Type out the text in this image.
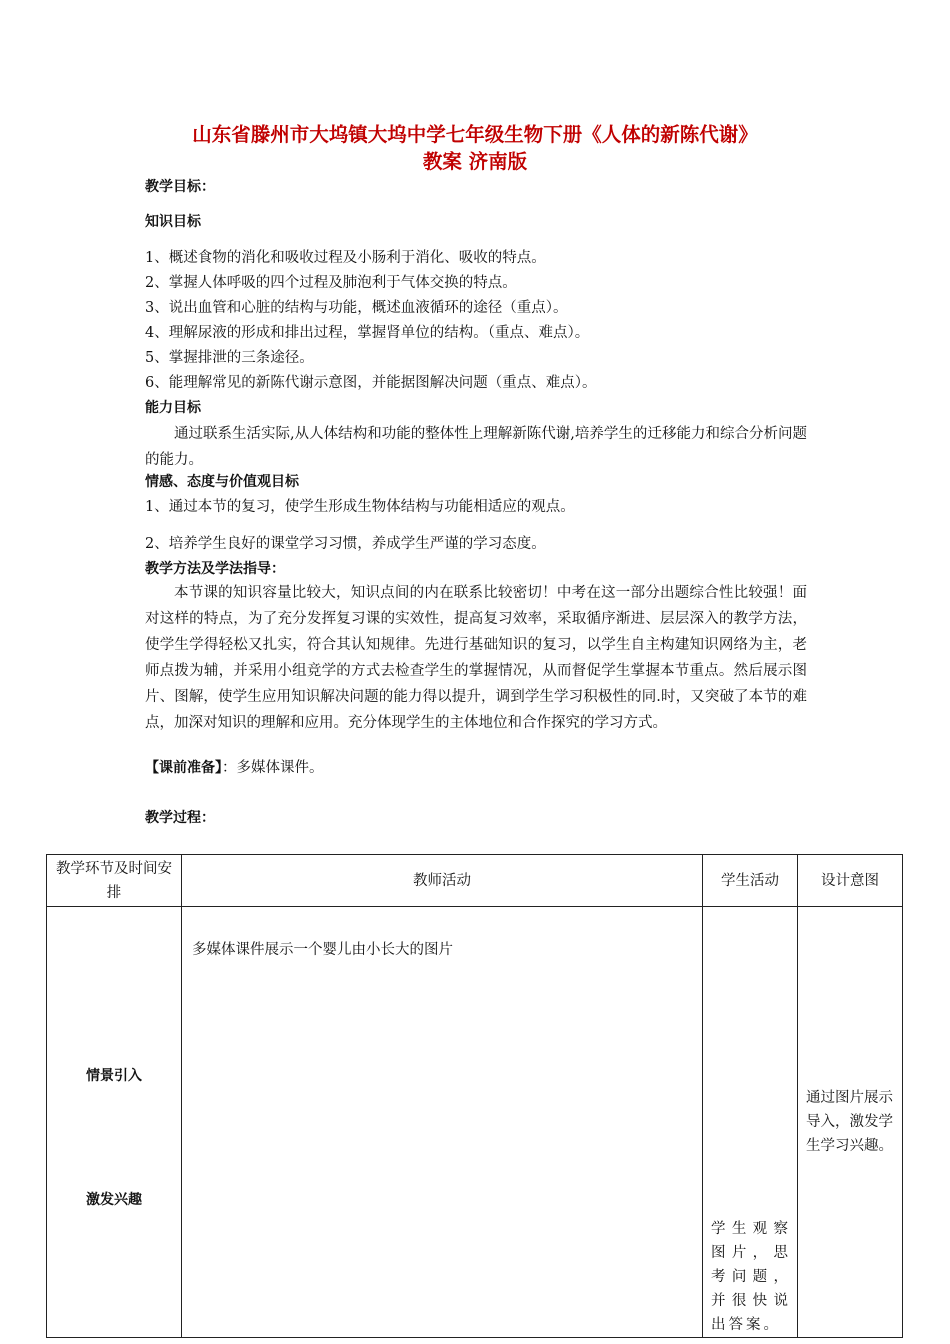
山东省滕州市大坞镇大坞中学七年级生物下册《人体的新陈代谢》
教案 济南版
教学目标：
知识目标
1、概述食物的消化和吸收过程及小肠利于消化、吸收的特点。
2、掌握人体呼吸的四个过程及肺泡利于气体交换的特点。
3、说出血管和心脏的结构与功能，概述血液循环的途径（重点）。
4、理解尿液的形成和排出过程，掌握肾单位的结构。（重点、难点）。
5、掌握排泄的三条途径。
6、能理解常见的新陈代谢示意图，并能据图解决问题（重点、难点）。
能力目标
通过联系生活实际,从人体结构和功能的整体性上理解新陈代谢,培养学生的迁移能力和综合分析问题的能力。
情感、态度与价值观目标
1、通过本节的复习，使学生形成生物体结构与功能相适应的观点。
2、培养学生良好的课堂学习习惯，养成学生严谨的学习态度。
教学方法及学法指导：
本节课的知识容量比较大，知识点间的内在联系比较密切！中考在这一部分出题综合性比较强！面对这样的特点，为了充分发挥复习课的实效性，提高复习效率，采取循序渐进、层层深入的教学方法，使学生学得轻松又扎实，符合其认知规律。先进行基础知识的复习，以学生自主构建知识网络为主，老师点拨为辅，并采用小组竞学的方式去检查学生的掌握情况，从而督促学生掌握本节重点。然后展示图片、图解，使学生应用知识解决问题的能力得以提升，调到学生学习积极性的同.时，又突破了本节的难点，加深对知识的理解和应用。充分体现学生的主体地位和合作探究的学习方式。
【课前准备】：多媒体课件。
教学过程：
教学环节及时间安排	教师活动	学生活动	设计意图

情景引入
激发兴趣	多媒体课件展示一个婴儿由小长大的图片	学生观察图片，思考问题，并很快说出答案。	通过图片展示导入，激发学生学习兴趣。
